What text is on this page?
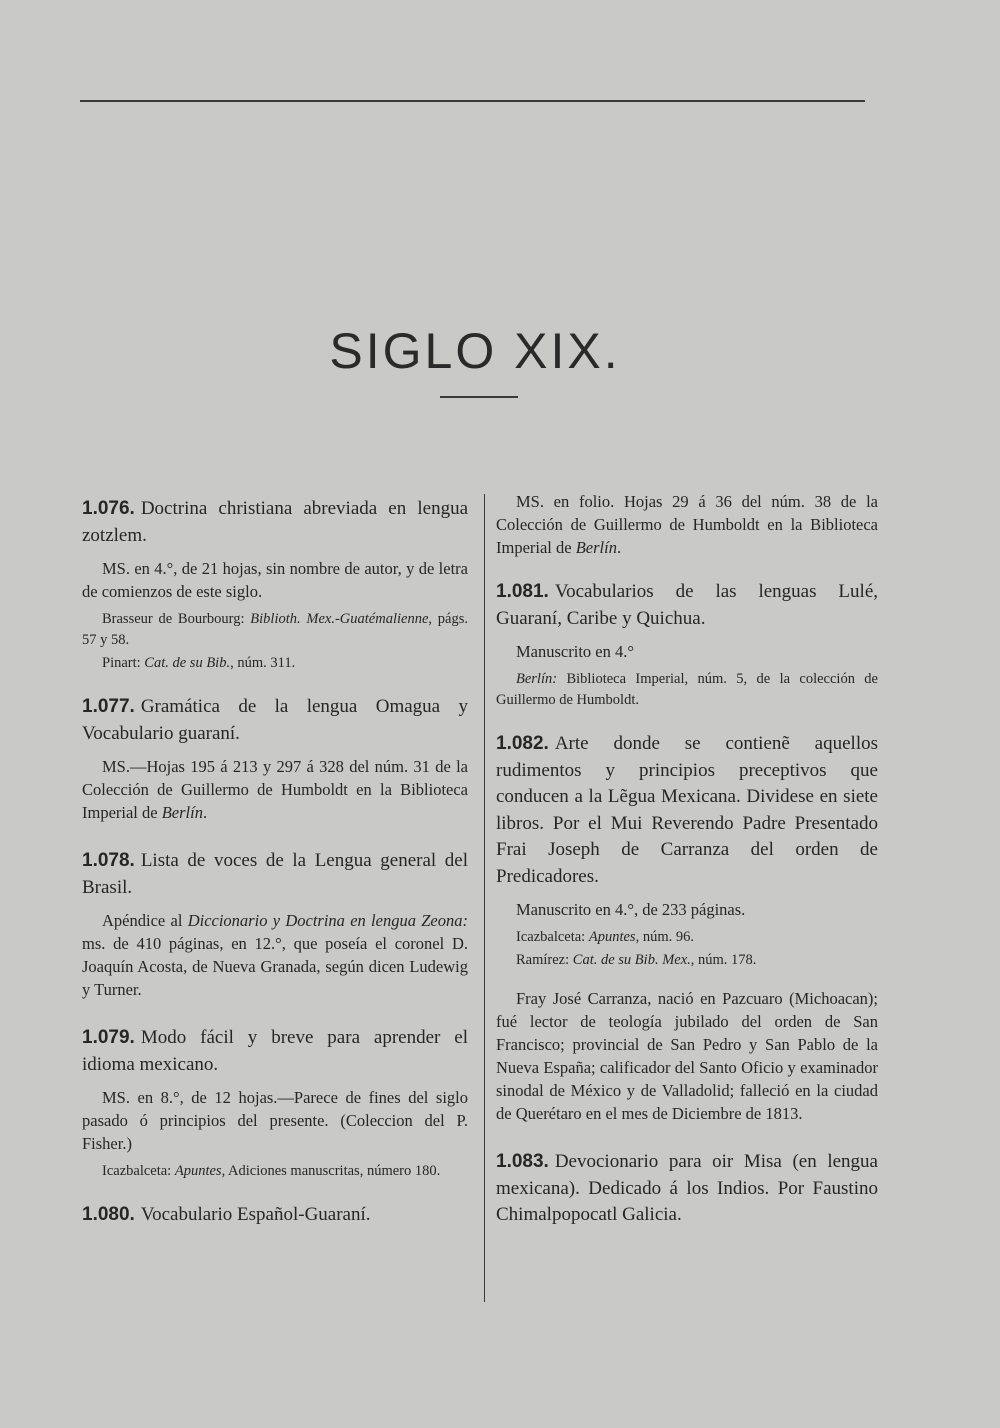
SIGLO XIX.

1.076. Doctrina christiana abreviada en lengua zotzlem.

MS. en 4.°, de 21 hojas, sin nombre de autor, y de letra de comienzos de este siglo.

Brasseur de Bourbourg: Biblioth. Mex.-Guatémalienne, págs. 57 y 58.

Pinart: Cat. de su Bib., núm. 311.

1.077. Gramática de la lengua Omagua y Vocabulario guaraní.

MS.—Hojas 195 á 213 y 297 á 328 del núm. 31 de la Colección de Guillermo de Humboldt en la Biblioteca Imperial de Berlín.

1.078. Lista de voces de la Lengua general del Brasil.

Apéndice al Diccionario y Doctrina en lengua Zeona: ms. de 410 páginas, en 12.°, que poseía el coronel D. Joaquín Acosta, de Nueva Granada, según dicen Ludewig y Turner.

1.079. Modo fácil y breve para aprender el idioma mexicano.

MS. en 8.°, de 12 hojas.—Parece de fines del siglo pasado ó principios del presente. (Coleccion del P. Fisher.)

Icazbalceta: Apuntes, Adiciones manuscritas, número 180.

1.080. Vocabulario Español-Guaraní.

MS. en folio. Hojas 29 á 36 del núm. 38 de la Colección de Guillermo de Humboldt en la Biblioteca Imperial de Berlín.

1.081. Vocabularios de las lenguas Lulé, Guaraní, Caribe y Quichua.

Manuscrito en 4.°

Berlín: Biblioteca Imperial, núm. 5, de la colección de Guillermo de Humboldt.

1.082. Arte donde se contienẽ aquellos rudimentos y principios preceptivos que conducen a la Lẽgua Mexicana. Dividese en siete libros. Por el Mui Reverendo Padre Presentado Frai Joseph de Carranza del orden de Predicadores.

Manuscrito en 4.°, de 233 páginas.

Icazbalceta: Apuntes, núm. 96.

Ramírez: Cat. de su Bib. Mex., núm. 178.

Fray José Carranza, nació en Pazcuaro (Michoacan); fué lector de teología jubilado del orden de San Francisco; provincial de San Pedro y San Pablo de la Nueva España; calificador del Santo Oficio y examinador sinodal de México y de Valladolid; falleció en la ciudad de Querétaro en el mes de Diciembre de 1813.

1.083. Devocionario para oir Misa (en lengua mexicana). Dedicado á los Indios. Por Faustino Chimalpopocatl Galicia.
